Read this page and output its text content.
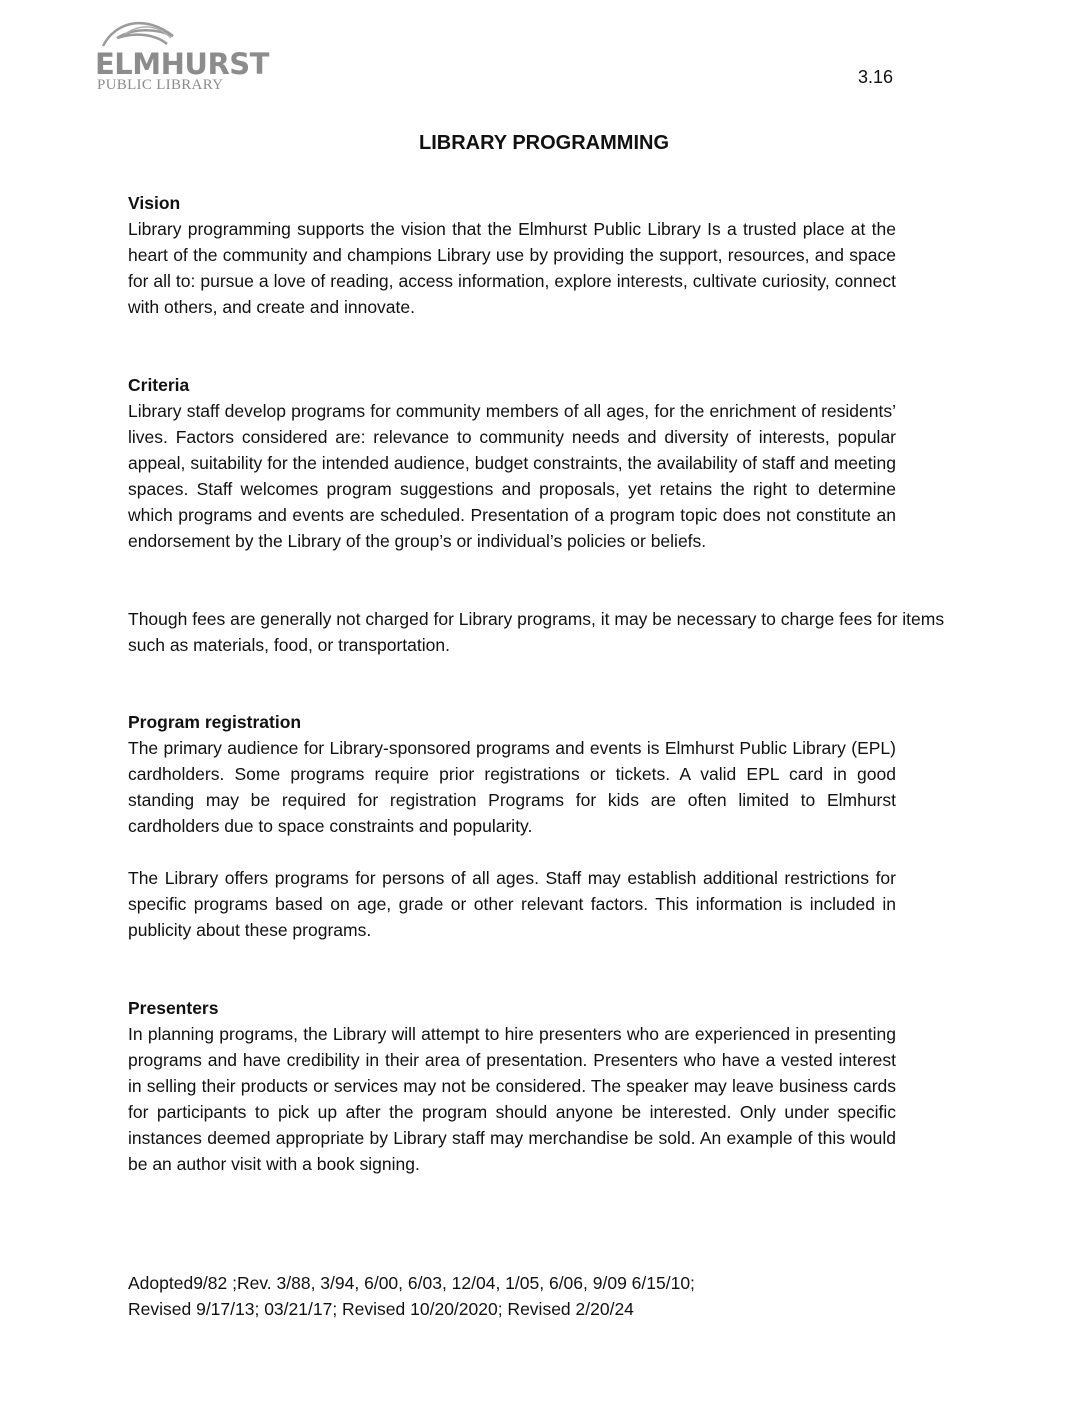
ELMHURST
PUBLIC LIBRARY	3.16
LIBRARY PROGRAMMING
Vision

Library programming supports the vision that the Elmhurst Public Library Is a trusted place at the heart of the community and champions Library use by providing the support, resources, and space for all to: pursue a love of reading, access information, explore interests, cultivate curiosity, connect with others, and create and innovate.

Criteria

Library staff develop programs for community members of all ages, for the enrichment of residents’ lives. Factors considered are: relevance to community needs and diversity of interests, popular appeal, suitability for the intended audience, budget constraints, the availability of staff and meeting spaces. Staff welcomes program suggestions and proposals, yet retains the right to determine which programs and events are scheduled. Presentation of a program topic does not constitute an endorsement by the Library of the group’s or individual’s policies or beliefs.

Though fees are generally not charged for Library programs, it may be necessary to charge fees for items such as materials, food, or transportation.

Program registration

The primary audience for Library-sponsored programs and events is Elmhurst Public Library (EPL) cardholders. Some programs require prior registrations or tickets. A valid EPL card in good standing may be required for registration Programs for kids are often limited to Elmhurst cardholders due to space constraints and popularity.

The Library offers programs for persons of all ages. Staff may establish additional restrictions for specific programs based on age, grade or other relevant factors. This information is included in publicity about these programs.

Presenters

In planning programs, the Library will attempt to hire presenters who are experienced in presenting programs and have credibility in their area of presentation. Presenters who have a vested interest in selling their products or services may not be considered. The speaker may leave business cards for participants to pick up after the program should anyone be interested. Only under specific instances deemed appropriate by Library staff may merchandise be sold. An example of this would be an author visit with a book signing.

Adopted9/82 ;Rev. 3/88, 3/94, 6/00, 6/03, 12/04, 1/05, 6/06, 9/09 6/15/10;
Revised 9/17/13; 03/21/17; Revised 10/20/2020; Revised 2/20/24
